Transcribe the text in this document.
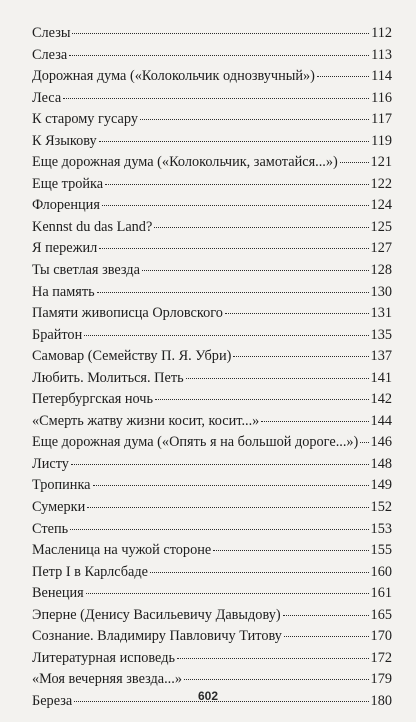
Слезы	112
Слеза	113
Дорожная дума («Колокольчик однозвучный»)	114
Леса	116
К старому гусару	117
К Языкову	119
Еще дорожная дума («Колокольчик, замотайся...») 121
Еще тройка	122
Флоренция	124
Kennst du das Land?	125
Я пережил	127
Ты светлая звезда	128
На память	130
Памяти живописца Орловского	131
Брайтон	135
Самовар (Семейству П. Я. Убри)	137
Любить. Молиться. Петь	141
Петербургская ночь	142
«Смерть жатву жизни косит, косит...»	144
Еще дорожная дума («Опять я на большой дороге...») 146
Листу	148
Тропинка	149
Сумерки	152
Степь	153
Масленица на чужой стороне	155
Петр I в Карлсбаде	160
Венеция	161
Эперне (Денису Васильевичу Давыдову)	165
Сознание. Владимиру Павловичу Титову	170
Литературная исповедь	172
«Моя вечерняя звезда...»	179
Береза	180
602
